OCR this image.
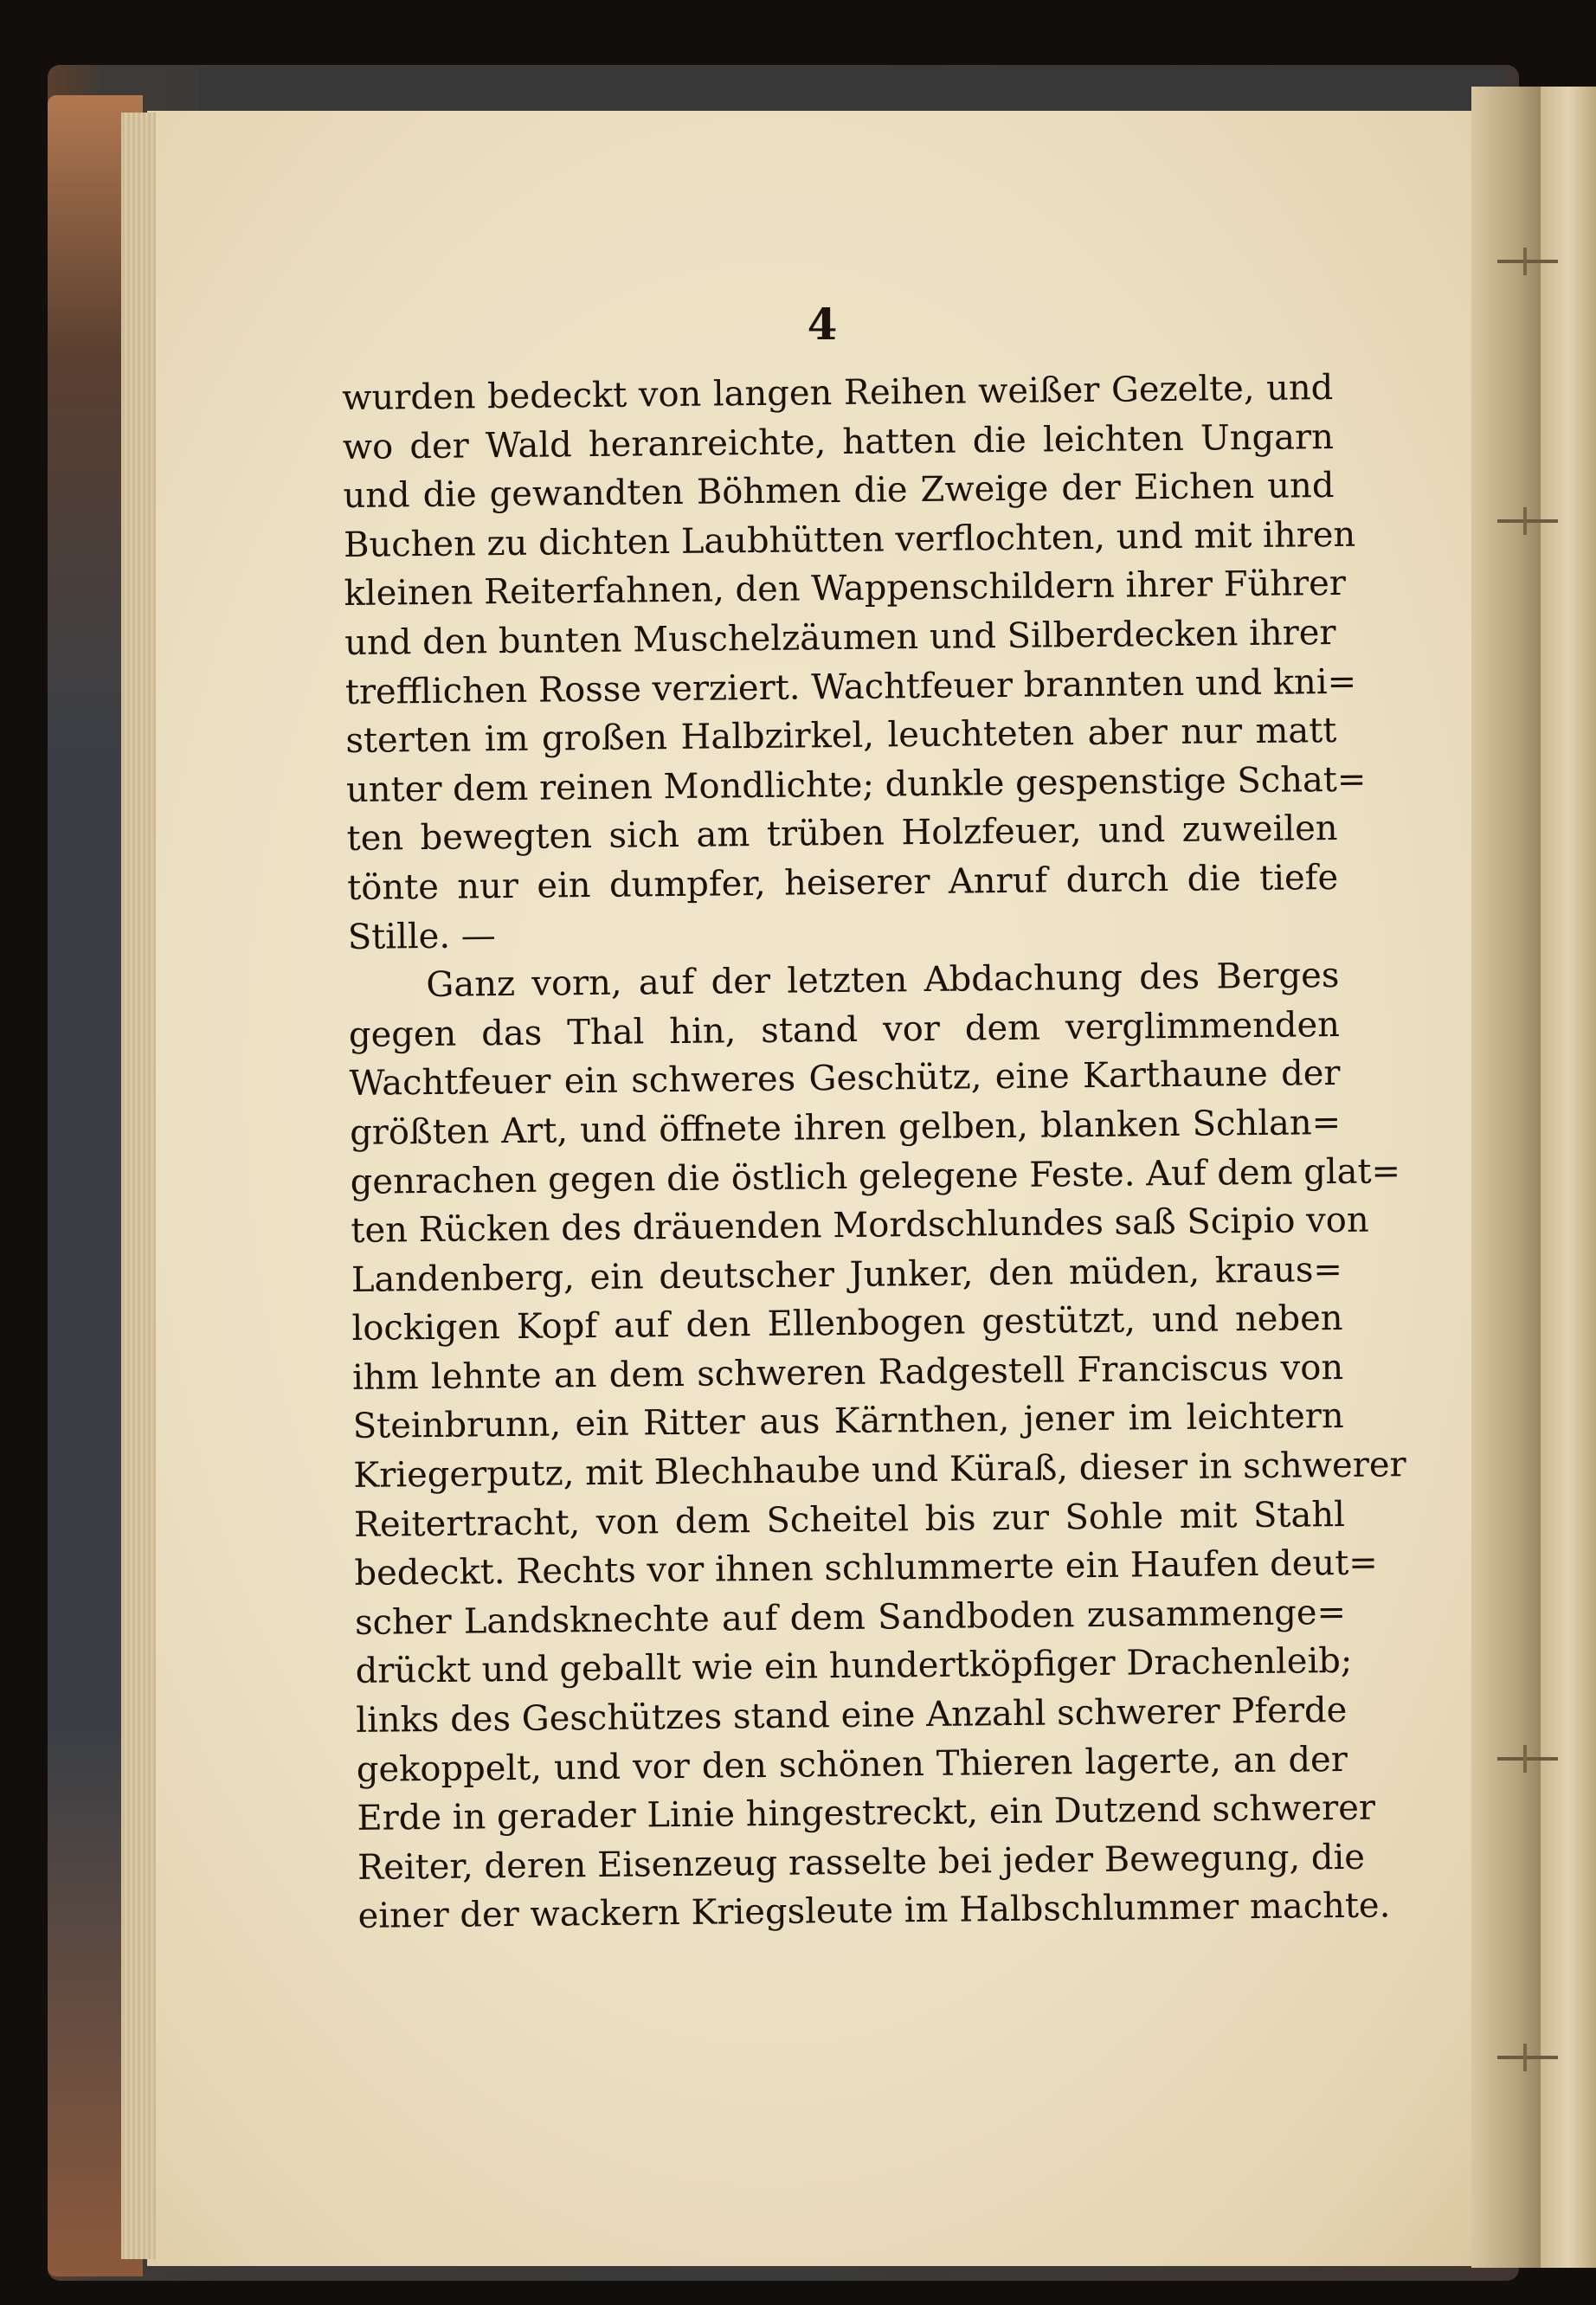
4
wurden bedeckt von langen Reihen weißer Gezelte, und
wo der Wald heranreichte, hatten die leichten Ungarn
und die gewandten Böhmen die Zweige der Eichen und
Buchen zu dichten Laubhütten verflochten, und mit ihren
kleinen Reiterfahnen, den Wappenschildern ihrer Führer
und den bunten Muschelzäumen und Silberdecken ihrer
trefflichen Rosse verziert. Wachtfeuer brannten und kni=
sterten im großen Halbzirkel, leuchteten aber nur matt
unter dem reinen Mondlichte; dunkle gespenstige Schat=
ten bewegten sich am trüben Holzfeuer, und zuweilen
tönte nur ein dumpfer, heiserer Anruf durch die tiefe
Stille. —
Ganz vorn, auf der letzten Abdachung des Berges
gegen das Thal hin, stand vor dem verglimmenden
Wachtfeuer ein schweres Geschütz, eine Karthaune der
größten Art, und öffnete ihren gelben, blanken Schlan=
genrachen gegen die östlich gelegene Feste. Auf dem glat=
ten Rücken des dräuenden Mordschlundes saß Scipio von
Landenberg, ein deutscher Junker, den müden, kraus=
lockigen Kopf auf den Ellenbogen gestützt, und neben
ihm lehnte an dem schweren Radgestell Franciscus von
Steinbrunn, ein Ritter aus Kärnthen, jener im leichtern
Kriegerputz, mit Blechhaube und Küraß, dieser in schwerer
Reitertracht, von dem Scheitel bis zur Sohle mit Stahl
bedeckt. Rechts vor ihnen schlummerte ein Haufen deut=
scher Landsknechte auf dem Sandboden zusammenge=
drückt und geballt wie ein hundertköpfiger Drachenleib;
links des Geschützes stand eine Anzahl schwerer Pferde
gekoppelt, und vor den schönen Thieren lagerte, an der
Erde in gerader Linie hingestreckt, ein Dutzend schwerer
Reiter, deren Eisenzeug rasselte bei jeder Bewegung, die
einer der wackern Kriegsleute im Halbschlummer machte.
